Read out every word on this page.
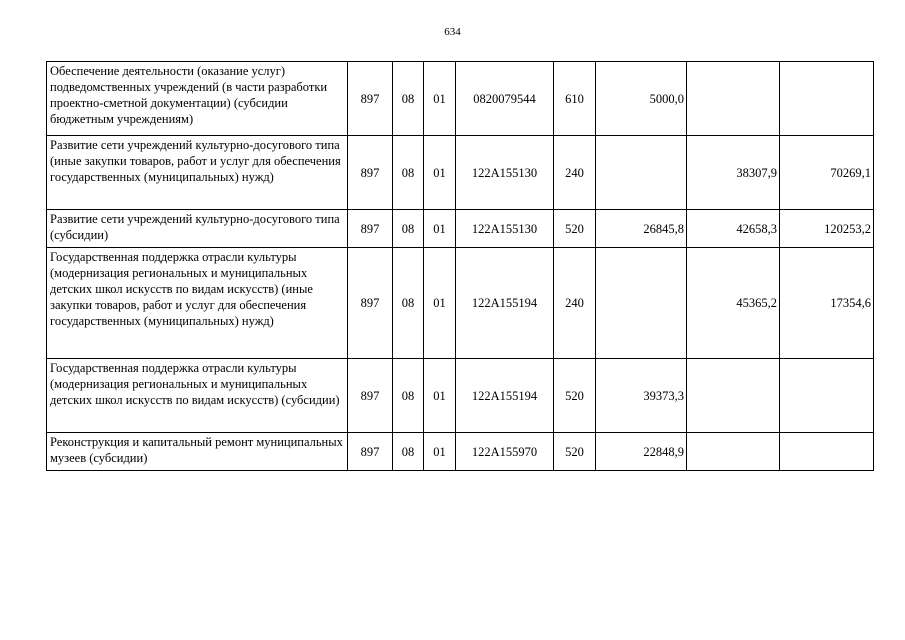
634
Обеспечение деятельности (оказание услуг) подведомственных учреждений (в части разработки проектно-сметной документации) (субсидии бюджетным учреждениям)	897	08	01	0820079544	610	5000,0		
Развитие сети учреждений культурно-досугового типа (иные закупки товаров, работ и услуг для обеспечения государственных (муниципальных) нужд)	897	08	01	122A155130	240		38307,9	70269,1
Развитие сети учреждений культурно-досугового типа (субсидии)	897	08	01	122A155130	520	26845,8	42658,3	120253,2
Государственная поддержка отрасли культуры (модернизация региональных и муниципальных детских школ искусств по видам искусств) (иные закупки товаров, работ и услуг для обеспечения государственных (муниципальных) нужд)	897	08	01	122A155194	240		45365,2	17354,6
Государственная поддержка отрасли культуры (модернизация региональных и муниципальных детских школ искусств по видам искусств) (субсидии)	897	08	01	122A155194	520	39373,3		
Реконструкция и капитальный ремонт муниципальных музеев (субсидии)	897	08	01	122A155970	520	22848,9		
